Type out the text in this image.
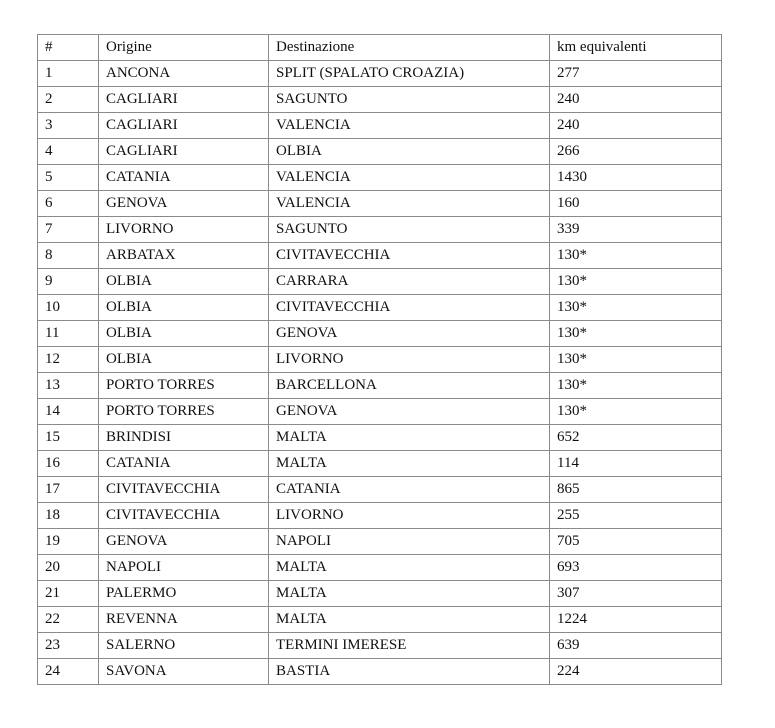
#	Origine	Destinazione	km equivalenti
1	ANCONA	SPLIT (SPALATO CROAZIA)	277
2	CAGLIARI	SAGUNTO	240
3	CAGLIARI	VALENCIA	240
4	CAGLIARI	OLBIA	266
5	CATANIA	VALENCIA	1430
6	GENOVA	VALENCIA	160
7	LIVORNO	SAGUNTO	339
8	ARBATAX	CIVITAVECCHIA	130*
9	OLBIA	CARRARA	130*
10	OLBIA	CIVITAVECCHIA	130*
11	OLBIA	GENOVA	130*
12	OLBIA	LIVORNO	130*
13	PORTO TORRES	BARCELLONA	130*
14	PORTO TORRES	GENOVA	130*
15	BRINDISI	MALTA	652
16	CATANIA	MALTA	114
17	CIVITAVECCHIA	CATANIA	865
18	CIVITAVECCHIA	LIVORNO	255
19	GENOVA	NAPOLI	705
20	NAPOLI	MALTA	693
21	PALERMO	MALTA	307
22	REVENNA	MALTA	1224
23	SALERNO	TERMINI IMERESE	639
24	SAVONA	BASTIA	224
